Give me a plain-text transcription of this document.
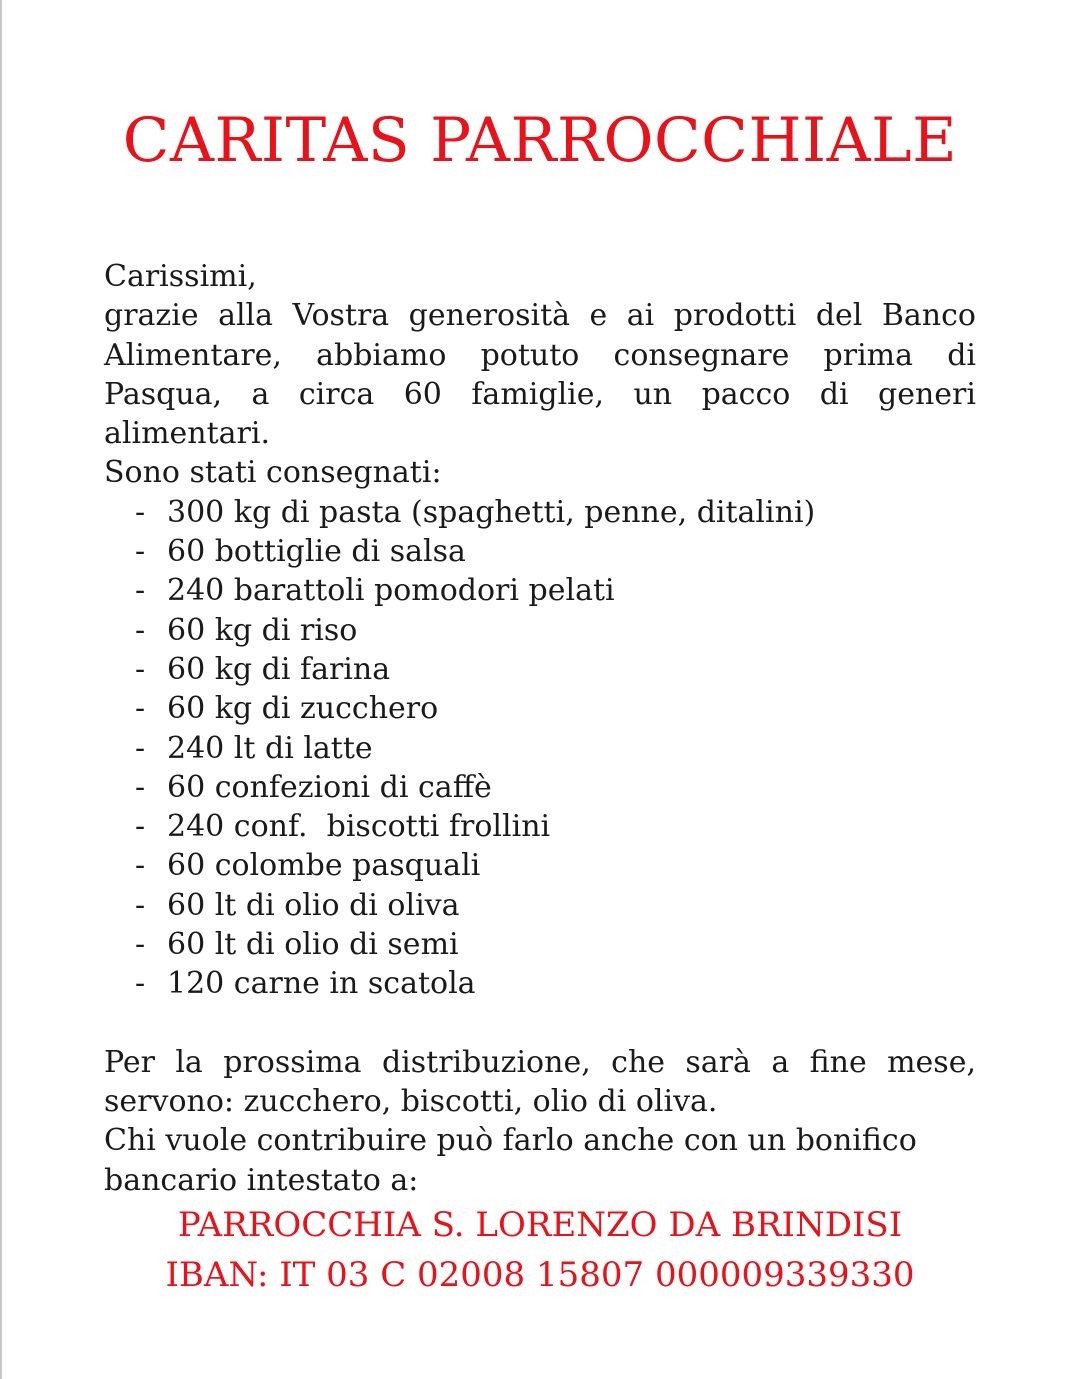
CARITAS PARROCCHIALE

Carissimi,

grazie alla Vostra generosità e ai prodotti del Banco Alimentare, abbiamo potuto consegnare prima di Pasqua, a circa 60 famiglie, un pacco di generi alimentari.

Sono stati consegnati:

- 300 kg di pasta (spaghetti, penne, ditalini)
- 60 bottiglie di salsa
- 240 barattoli pomodori pelati
- 60 kg di riso
- 60 kg di farina
- 60 kg di zucchero
- 240 lt di latte
- 60 confezioni di caffè
- 240 conf.  biscotti frollini
- 60 colombe pasquali
- 60 lt di olio di oliva
- 60 lt di olio di semi
- 120 carne in scatola

Per la prossima distribuzione, che sarà a fine mese, servono: zucchero, biscotti, olio di oliva.

Chi vuole contribuire può farlo anche con un bonifico bancario intestato a:

PARROCCHIA S. LORENZO DA BRINDISI
IBAN: IT 03 C 02008 15807 000009339330
